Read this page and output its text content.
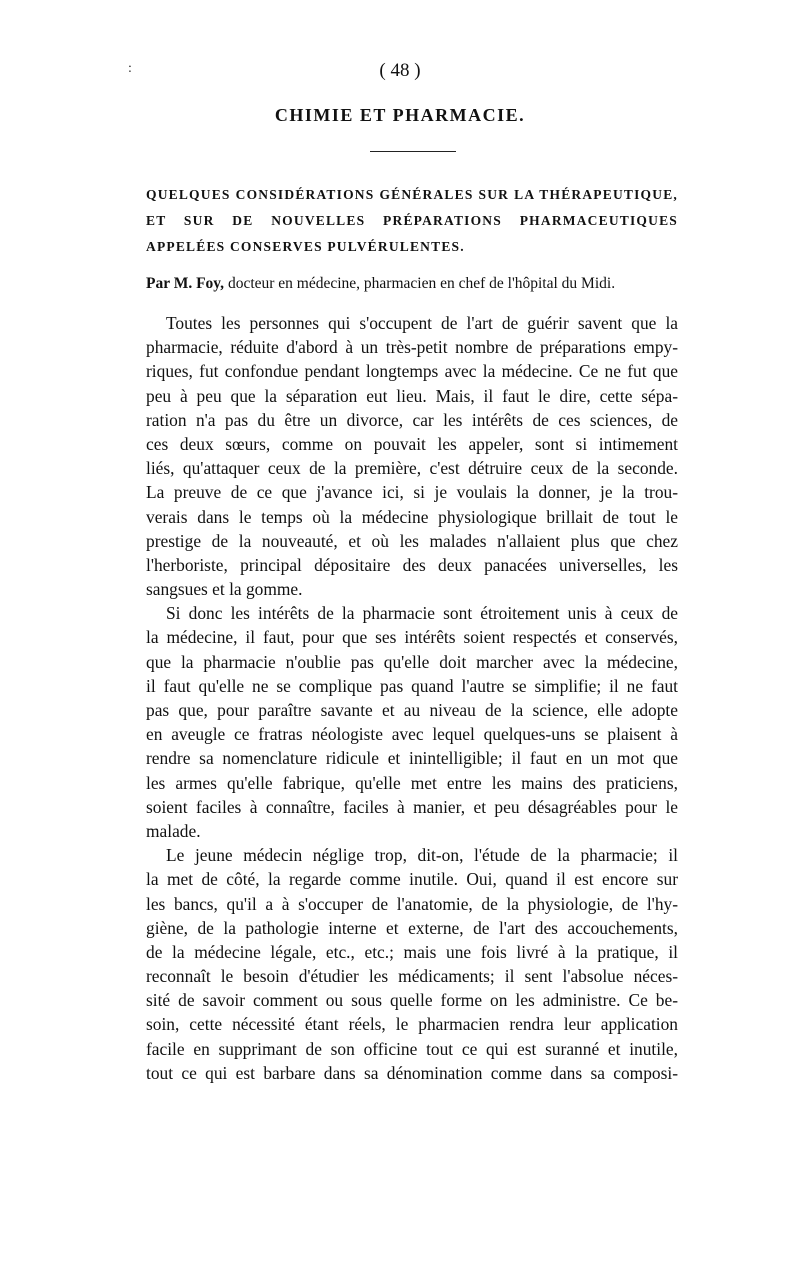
:	( 48 )
CHIMIE ET PHARMACIE.
QUELQUES CONSIDÉRATIONS GÉNÉRALES SUR LA THÉRAPEUTIQUE,
ET SUR DE NOUVELLES PRÉPARATIONS PHARMACEUTIQUES
APPELÉES CONSERVES PULVÉRULENTES.
Par M. Foy, docteur en médecine, pharmacien en chef de l'hôpital du Midi.
Toutes les personnes qui s'occupent de l'art de guérir savent que la
pharmacie, réduite d'abord à un très-petit nombre de préparations empy-
riques, fut confondue pendant longtemps avec la médecine. Ce ne fut que
peu à peu que la séparation eut lieu. Mais, il faut le dire, cette sépa-
ration n'a pas du être un divorce, car les intérêts de ces sciences, de
ces deux sœurs, comme on pouvait les appeler, sont si intimement
liés, qu'attaquer ceux de la première, c'est détruire ceux de la seconde.
La preuve de ce que j'avance ici, si je voulais la donner, je la trou-
verais dans le temps où la médecine physiologique brillait de tout le
prestige de la nouveauté, et où les malades n'allaient plus que chez
l'herboriste, principal dépositaire des deux panacées universelles, les
sangsues et la gomme.
Si donc les intérêts de la pharmacie sont étroitement unis à ceux de
la médecine, il faut, pour que ses intérêts soient respectés et conservés,
que la pharmacie n'oublie pas qu'elle doit marcher avec la médecine,
il faut qu'elle ne se complique pas quand l'autre se simplifie; il ne faut
pas que, pour paraître savante et au niveau de la science, elle adopte
en aveugle ce fratras néologiste avec lequel quelques-uns se plaisent à
rendre sa nomenclature ridicule et inintelligible; il faut en un mot que
les armes qu'elle fabrique, qu'elle met entre les mains des praticiens,
soient faciles à connaître, faciles à manier, et peu désagréables pour le
malade.
Le jeune médecin néglige trop, dit-on, l'étude de la pharmacie; il
la met de côté, la regarde comme inutile. Oui, quand il est encore sur
les bancs, qu'il a à s'occuper de l'anatomie, de la physiologie, de l'hy-
giène, de la pathologie interne et externe, de l'art des accouchements,
de la médecine légale, etc., etc.; mais une fois livré à la pratique, il
reconnaît le besoin d'étudier les médicaments; il sent l'absolue néces-
sité de savoir comment ou sous quelle forme on les administre. Ce be-
soin, cette nécessité étant réels, le pharmacien rendra leur application
facile en supprimant de son officine tout ce qui est suranné et inutile,
tout ce qui est barbare dans sa dénomination comme dans sa composi-
